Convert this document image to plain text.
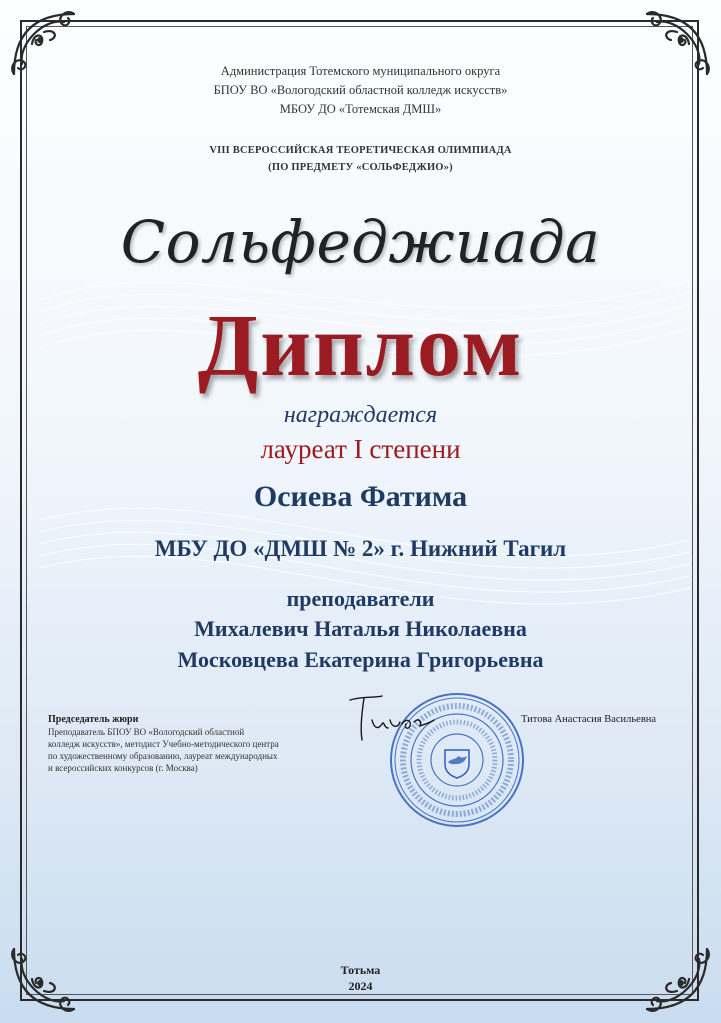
Администрация Тотемского муниципального округа
БПОУ ВО «Вологодский областной колледж искусств»
МБОУ ДО «Тотемская ДМШ»
VIII ВСЕРОССИЙСКАЯ ТЕОРЕТИЧЕСКАЯ ОЛИМПИАДА
(ПО ПРЕДМЕТУ «СОЛЬФЕДЖИО»)
Сольфеджиада
Диплом
награждается
лауреат I степени
Осиева Фатима
МБУ ДО «ДМШ № 2» г. Нижний Тагил
преподаватели
Михалевич Наталья Николаевна
Московцева Екатерина Григорьевна
Председатель жюри
Преподаватель БПОУ ВО «Вологодский областной
колледж искусств», методист Учебно-методического центра
по художественному образованию, лауреат международных
и всероссийских конкурсов (г. Москва)
Титова Анастасия Васильевна
Тотьма
2024
